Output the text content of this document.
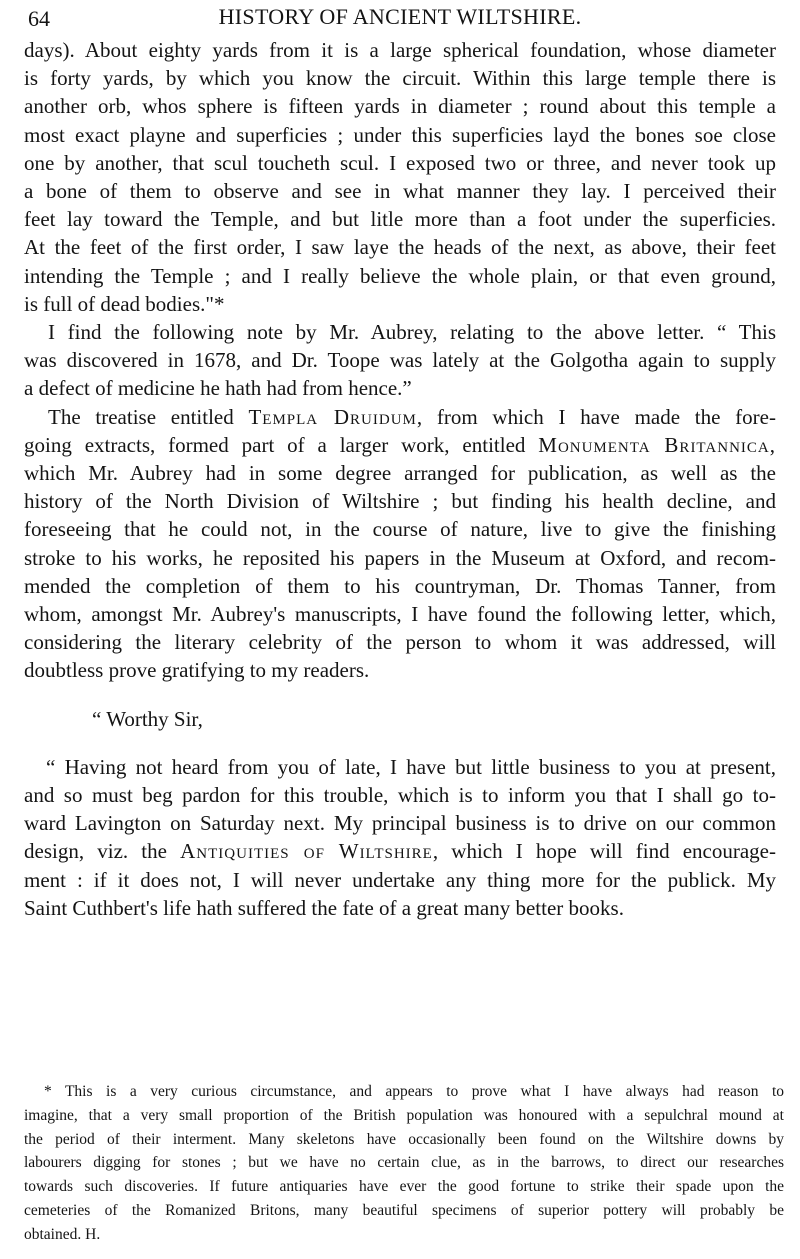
64	HISTORY OF ANCIENT WILTSHIRE.
days). About eighty yards from it is a large spherical foundation, whose diameter
is forty yards, by which you know the circuit. Within this large temple there is
another orb, whos sphere is fifteen yards in diameter ; round about this temple a
most exact playne and superficies ; under this superficies layd the bones soe close
one by another, that scul toucheth scul. I exposed two or three, and never took up
a bone of them to observe and see in what manner they lay. I perceived their
feet lay toward the Temple, and but litle more than a foot under the superficies.
At the feet of the first order, I saw laye the heads of the next, as above, their feet
intending the Temple ; and I really believe the whole plain, or that even ground,
is full of dead bodies."*
I find the following note by Mr. Aubrey, relating to the above letter. “ This
was discovered in 1678, and Dr. Toope was lately at the Golgotha again to supply
a defect of medicine he hath had from hence.”
The treatise entitled Templa Druidum, from which I have made the fore-
going extracts, formed part of a larger work, entitled Monumenta Britannica,
which Mr. Aubrey had in some degree arranged for publication, as well as the
history of the North Division of Wiltshire ; but finding his health decline, and
foreseeing that he could not, in the course of nature, live to give the finishing
stroke to his works, he reposited his papers in the Museum at Oxford, and recom-
mended the completion of them to his countryman, Dr. Thomas Tanner, from
whom, amongst Mr. Aubrey's manuscripts, I have found the following letter, which,
considering the literary celebrity of the person to whom it was addressed, will
doubtless prove gratifying to my readers.
“ Worthy Sir,
“ Having not heard from you of late, I have but little business to you at present,
and so must beg pardon for this trouble, which is to inform you that I shall go to-
ward Lavington on Saturday next. My principal business is to drive on our common
design, viz. the Antiquities of Wiltshire, which I hope will find encourage-
ment : if it does not, I will never undertake any thing more for the publick. My
Saint Cuthbert's life hath suffered the fate of a great many better books.
* This is a very curious circumstance, and appears to prove what I have always had reason to
imagine, that a very small proportion of the British population was honoured with a sepulchral mound at
the period of their interment. Many skeletons have occasionally been found on the Wiltshire downs by
labourers digging for stones ; but we have no certain clue, as in the barrows, to direct our researches
towards such discoveries. If future antiquaries have ever the good fortune to strike their spade upon the
cemeteries of the Romanized Britons, many beautiful specimens of superior pottery will probably be
obtained. H.
